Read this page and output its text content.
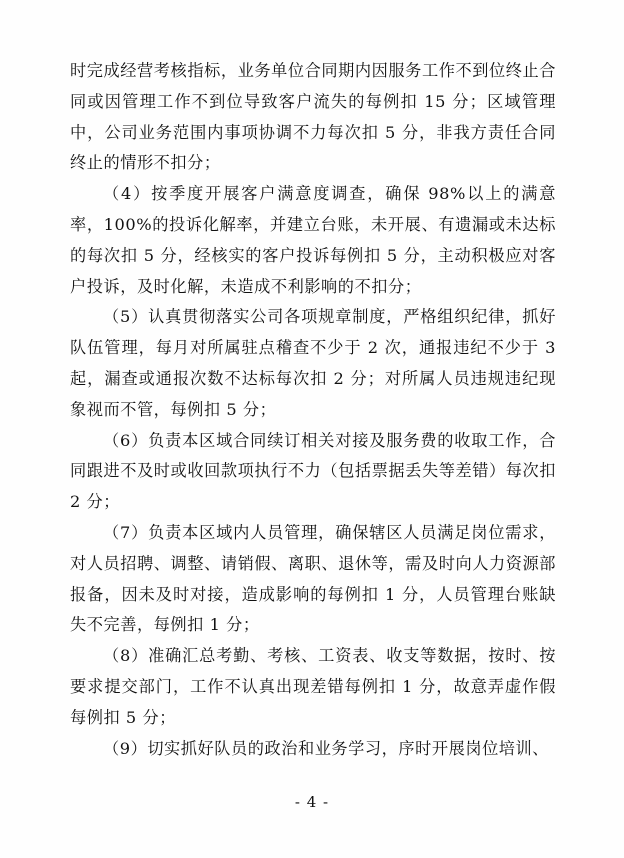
时完成经营考核指标，业务单位合同期内因服务工作不到位终止合同或因管理工作不到位导致客户流失的每例扣 15 分；区域管理中，公司业务范围内事项协调不力每次扣 5 分，非我方责任合同终止的情形不扣分；

（4）按季度开展客户满意度调查，确保 98%以上的满意率，100%的投诉化解率，并建立台账，未开展、有遗漏或未达标的每次扣 5 分，经核实的客户投诉每例扣 5 分，主动积极应对客户投诉，及时化解，未造成不利影响的不扣分；

（5）认真贯彻落实公司各项规章制度，严格组织纪律，抓好队伍管理，每月对所属驻点稽查不少于 2 次，通报违纪不少于 3 起，漏查或通报次数不达标每次扣 2 分；对所属人员违规违纪现象视而不管，每例扣 5 分；

（6）负责本区域合同续订相关对接及服务费的收取工作，合同跟进不及时或收回款项执行不力（包括票据丢失等差错）每次扣 2 分；

（7）负责本区域内人员管理，确保辖区人员满足岗位需求，对人员招聘、调整、请销假、离职、退休等，需及时向人力资源部报备，因未及时对接，造成影响的每例扣 1 分，人员管理台账缺失不完善，每例扣 1 分；

（8）准确汇总考勤、考核、工资表、收支等数据，按时、按要求提交部门，工作不认真出现差错每例扣 1 分，故意弄虚作假每例扣 5 分；

（9）切实抓好队员的政治和业务学习，序时开展岗位培训、

- 4 -
